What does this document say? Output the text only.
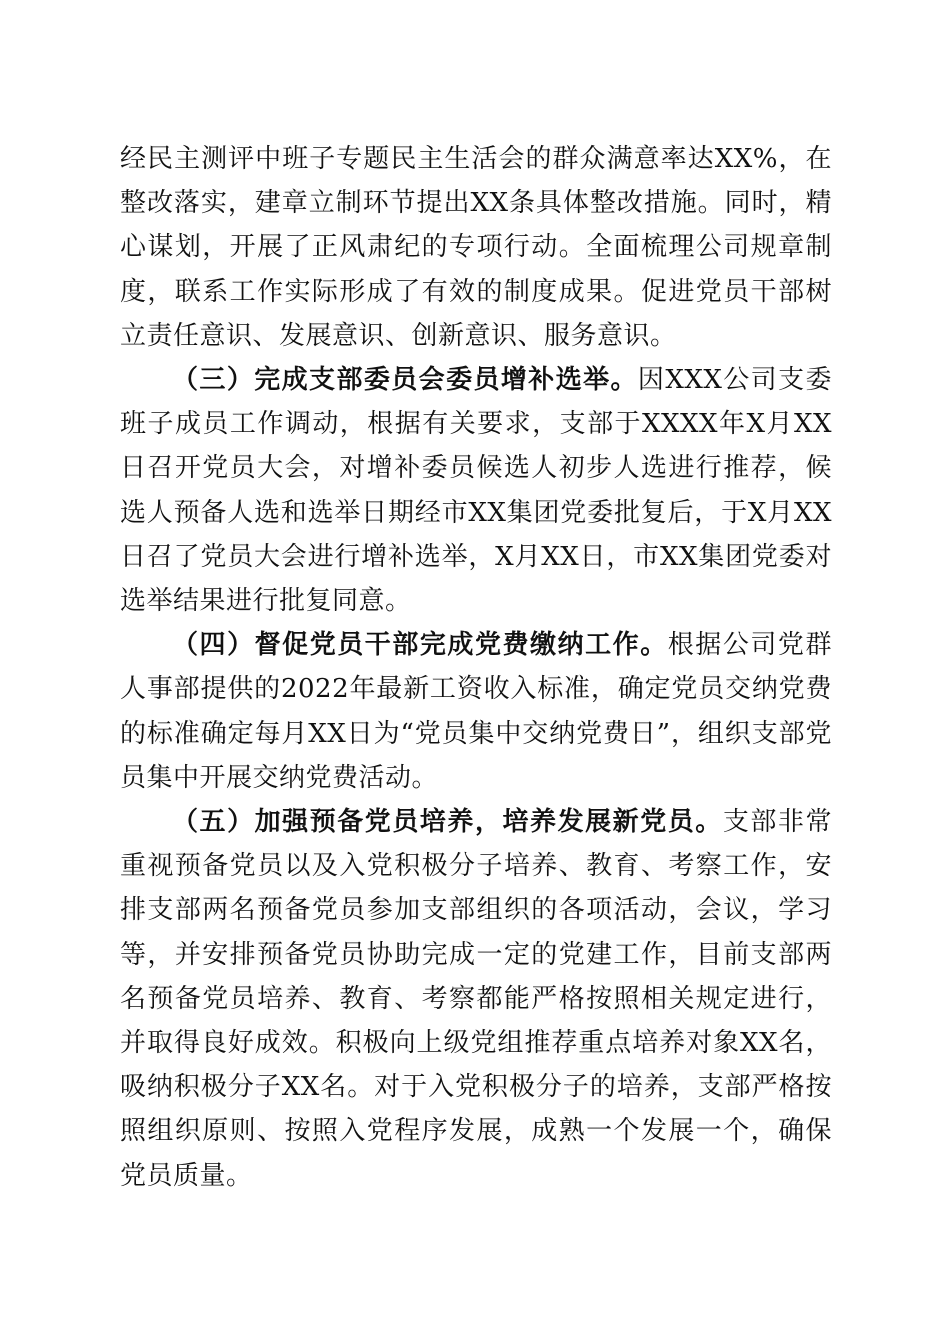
经民主测评中班子专题民主生活会的群众满意率达XX%，在整改落实，建章立制环节提出XX条具体整改措施。同时，精心谋划，开展了正风肃纪的专项行动。全面梳理公司规章制度，联系工作实际形成了有效的制度成果。促进党员干部树立责任意识、发展意识、创新意识、服务意识。

（三）完成支部委员会委员增补选举。因XXX公司支委班子成员工作调动，根据有关要求，支部于XXXX年X月XX日召开党员大会，对增补委员候选人初步人选进行推荐，候选人预备人选和选举日期经市XX集团党委批复后，于X月XX日召了党员大会进行增补选举，X月XX日，市XX集团党委对选举结果进行批复同意。

（四）督促党员干部完成党费缴纳工作。根据公司党群人事部提供的2022年最新工资收入标准，确定党员交纳党费的标准确定每月XX日为“党员集中交纳党费日”，组织支部党员集中开展交纳党费活动。

（五）加强预备党员培养，培养发展新党员。支部非常重视预备党员以及入党积极分子培养、教育、考察工作，安排支部两名预备党员参加支部组织的各项活动，会议，学习等，并安排预备党员协助完成一定的党建工作，目前支部两名预备党员培养、教育、考察都能严格按照相关规定进行，并取得良好成效。积极向上级党组推荐重点培养对象XX名，吸纳积极分子XX名。对于入党积极分子的培养，支部严格按照组织原则、按照入党程序发展，成熟一个发展一个，确保党员质量。
